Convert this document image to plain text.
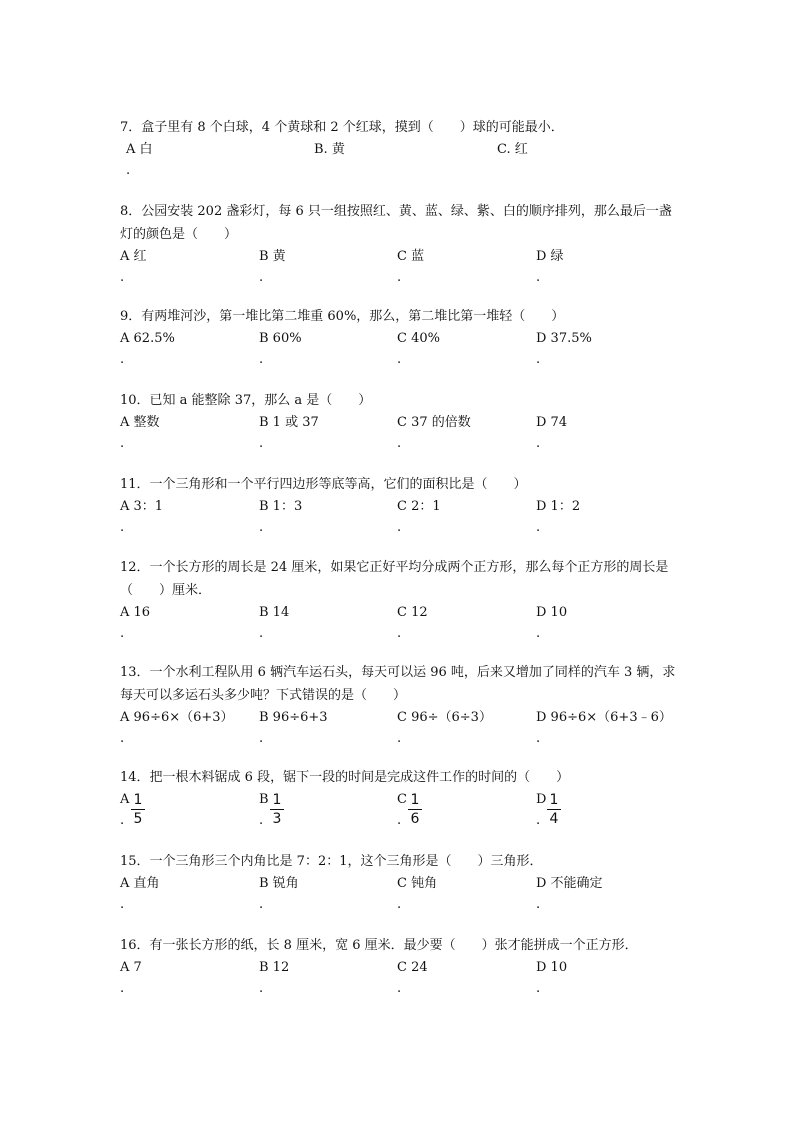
7．盒子里有 8 个白球，4 个黄球和 2 个红球，摸到（　　）球的可能最小．
A 白
.
B. 黄	C. 红
8．公园安装 202 盏彩灯，每 6 只一组按照红、黄、蓝、绿、紫、白的顺序排列，那么最后一盏灯的颜色是（　　）
A 红
.
B 黄
.
C 蓝
.
D 绿
.
9．有两堆河沙，第一堆比第二堆重 60%，那么，第二堆比第一堆轻（　　）
A 62.5%
.
B 60%
.
C 40%
.
D 37.5%
.
10．已知 a 能整除 37，那么 a 是（　　）
A 整数
.
B 1 或 37
.
C 37 的倍数
.
D 74
.
11．一个三角形和一个平行四边形等底等高，它们的面积比是（　　）
A 3：1
.
B 1：3
.
C 2：1
.
D 1：2
.
12．一个长方形的周长是 24 厘米，如果它正好平均分成两个正方形，那么每个正方形的周长是（　　）厘米．
A 16
.
B 14
.
C 12
.
D 10
.
13．一个水利工程队用 6 辆汽车运石头，每天可以运 96 吨，后来又增加了同样的汽车 3 辆，求每天可以多运石头多少吨？下式错误的是（　　）
A 96÷6×（6+3）
.
B 96÷6+3
.
C 96÷（6÷3）
.
D 96÷6×（6+3﹣6）
.
14．把一根木料锯成 6 段，锯下一段的时间是完成这件工作的时间的（　　）
A
.
1
5
B
.
1
3
C
.
1
6
D
.
1
4
15．一个三角形三个内角比是 7：2：1，这个三角形是（　　）三角形．
A 直角
.
B 锐角
.
C 钝角
.
D 不能确定
.
16．有一张长方形的纸，长 8 厘米，宽 6 厘米．最少要（　　）张才能拼成一个正方形．
A 7
.
B 12
.
C 24
.
D 10
.
